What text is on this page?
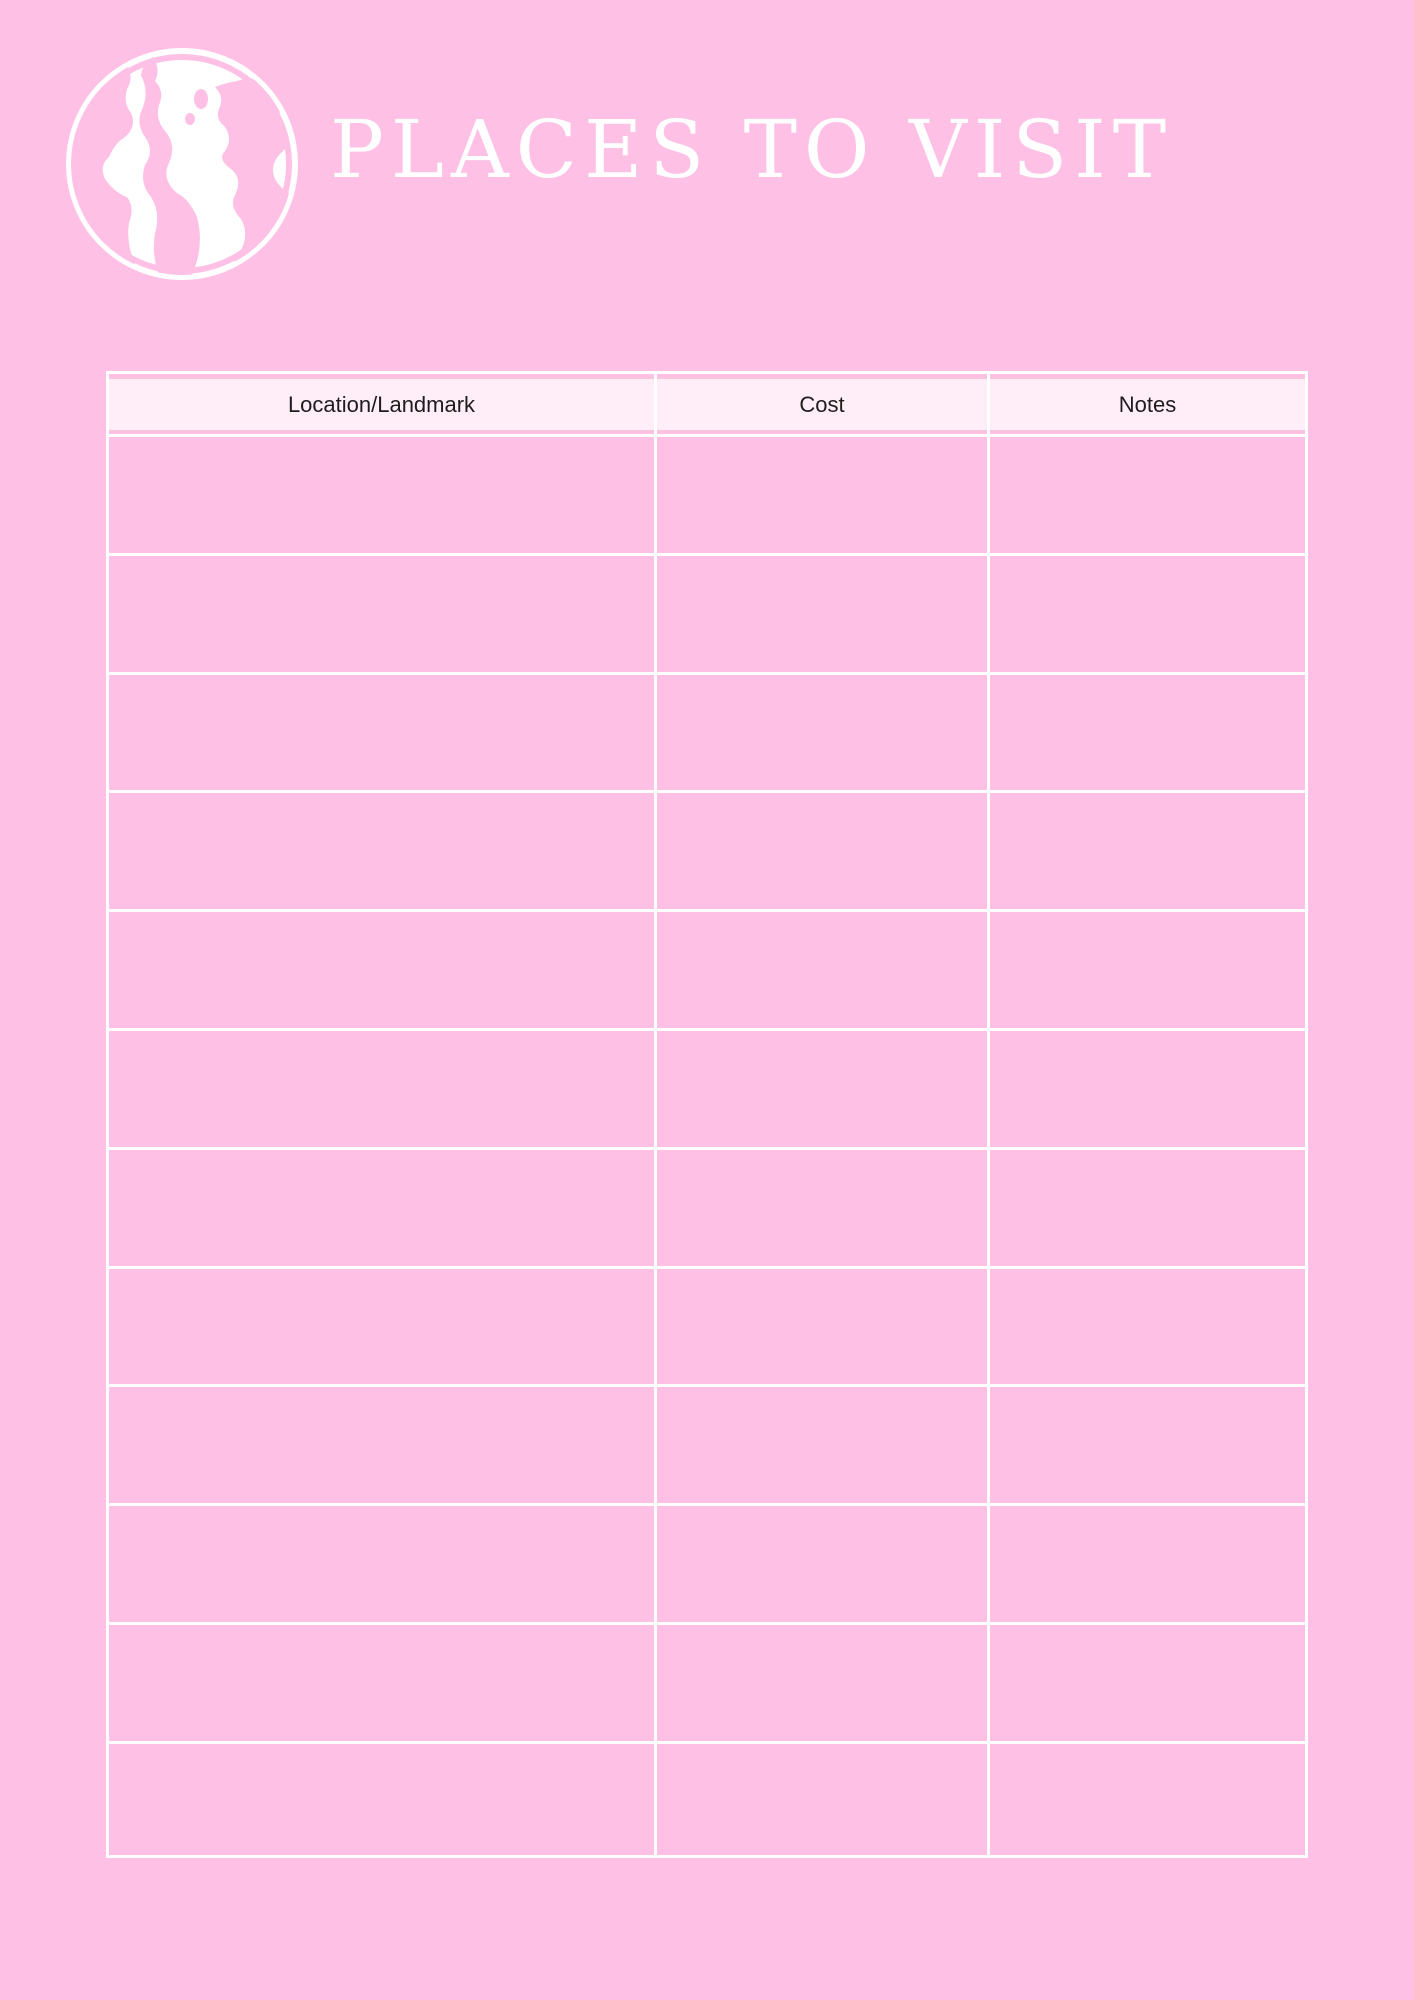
PLACES TO VISIT
Location/Landmark	Cost	Notes
